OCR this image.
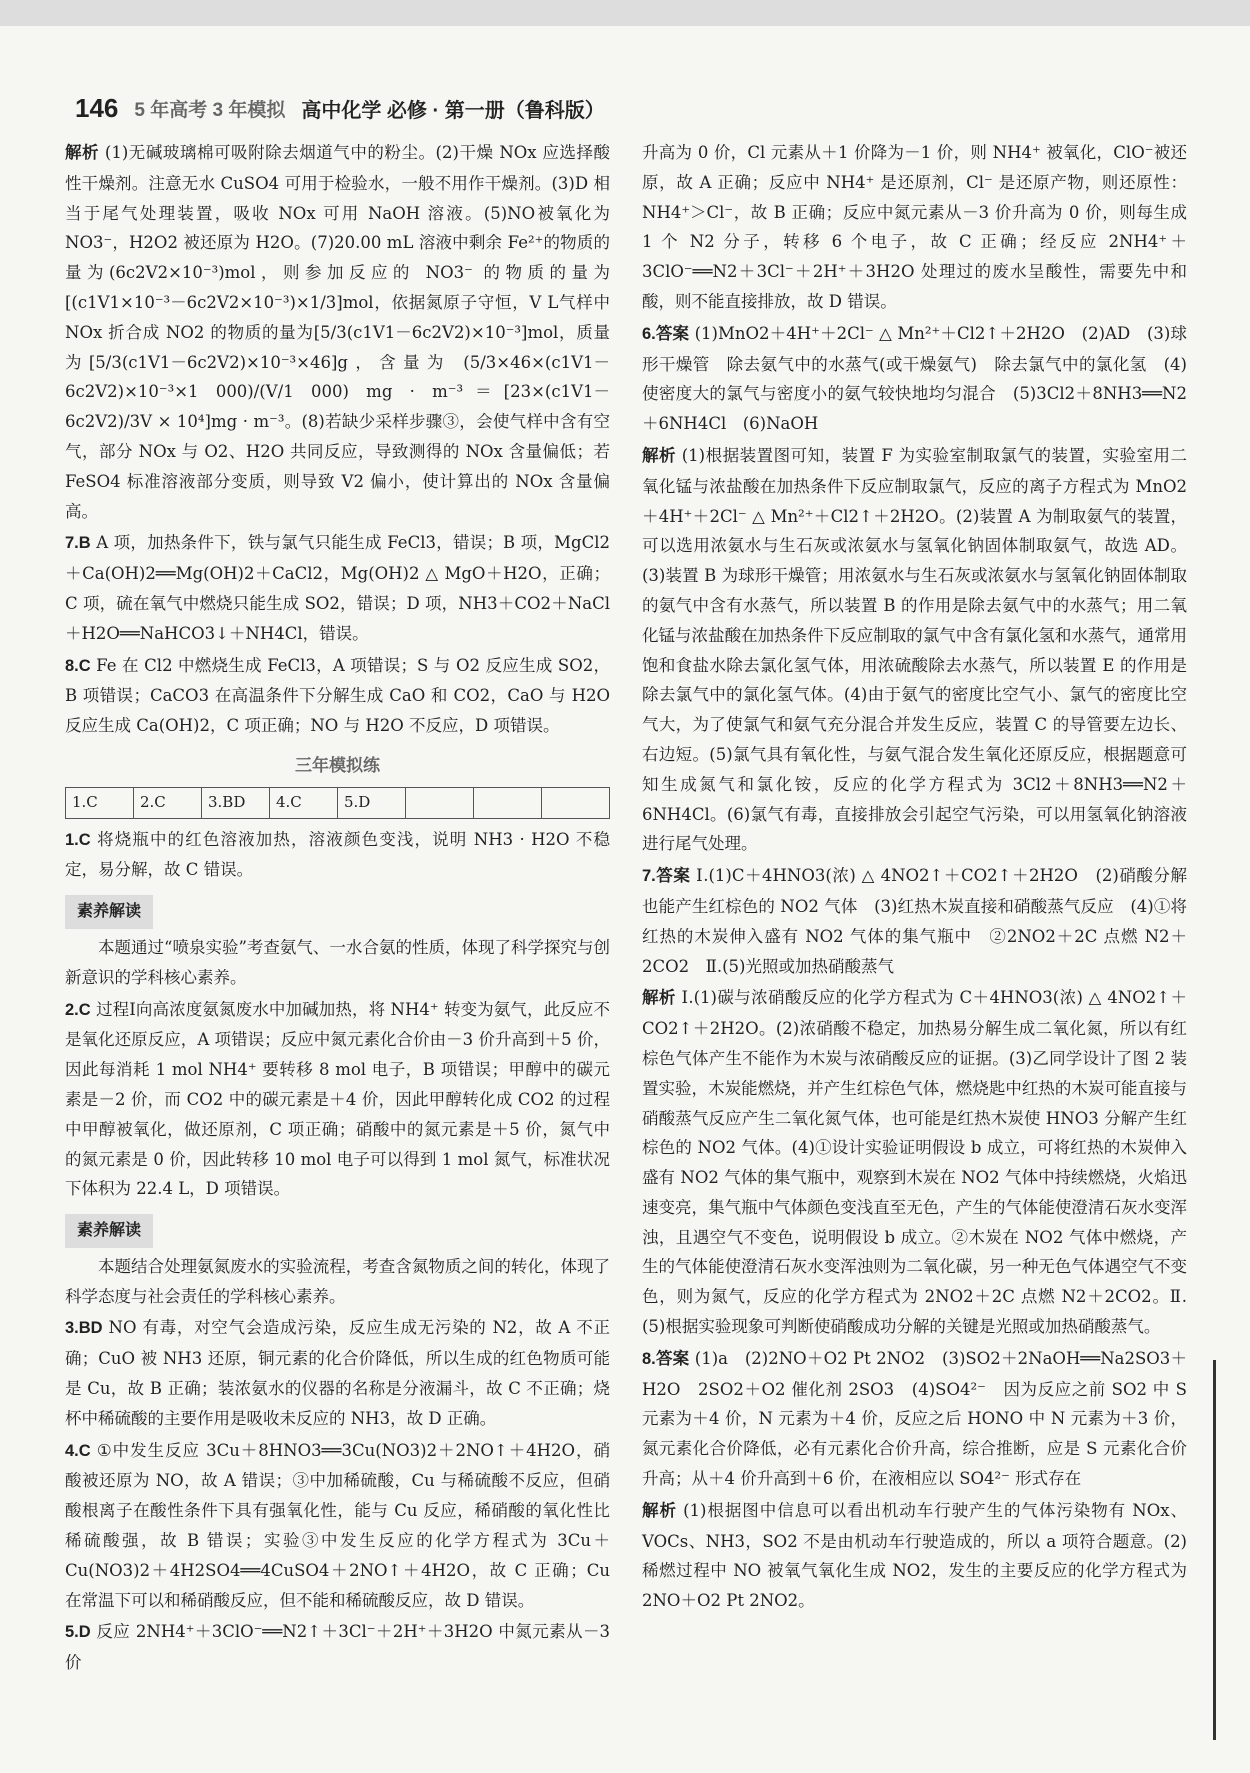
146 5 年高考 3 年模拟 高中化学 必修 · 第一册（鲁科版）

解析 (1)无碱玻璃棉可吸附除去烟道气中的粉尘。(2)干燥 NOx 应选择酸性干燥剂。注意无水 CuSO4 可用于检验水，一般不用作干燥剂。(3)D 相当于尾气处理装置，吸收 NOx 可用 NaOH 溶液。(5)NO被氧化为 NO3⁻，H2O2 被还原为 H2O。(7)20.00 mL 溶液中剩余 Fe²⁺的物质的量为(6c2V2×10⁻³)mol，则参加反应的 NO3⁻ 的物质的量为[(c1V1×10⁻³－6c2V2×10⁻³)×1/3]mol，依据氮原子守恒，V L气样中 NOx 折合成 NO2 的物质的量为[5/3(c1V1－6c2V2)×10⁻³]mol，质量为[5/3(c1V1－6c2V2)×10⁻³×46]g，含量为 (5/3×46×(c1V1－6c2V2)×10⁻³×1 000)/(V/1 000) mg · m⁻³＝[23×(c1V1－6c2V2)/3V × 10⁴]mg · m⁻³。(8)若缺少采样步骤③，会使气样中含有空气，部分 NOx 与 O2、H2O 共同反应，导致测得的 NOx 含量偏低；若 FeSO4 标准溶液部分变质，则导致 V2 偏小，使计算出的 NOx 含量偏高。

7.B A 项，加热条件下，铁与氯气只能生成 FeCl3，错误；B 项，MgCl2＋Ca(OH)2══Mg(OH)2＋CaCl2，Mg(OH)2 △ MgO＋H2O，正确；C 项，硫在氧气中燃烧只能生成 SO2，错误；D 项，NH3＋CO2＋NaCl＋H2O══NaHCO3↓＋NH4Cl，错误。

8.C Fe 在 Cl2 中燃烧生成 FeCl3，A 项错误；S 与 O2 反应生成 SO2，B 项错误；CaCO3 在高温条件下分解生成 CaO 和 CO2，CaO 与 H2O 反应生成 Ca(OH)2，C 项正确；NO 与 H2O 不反应，D 项错误。

三年模拟练
1.C	2.C	3.BD	4.C	5.D			

1.C 将烧瓶中的红色溶液加热，溶液颜色变浅，说明 NH3 · H2O 不稳定，易分解，故 C 错误。

素养解读

本题通过“喷泉实验”考查氨气、一水合氨的性质，体现了科学探究与创新意识的学科核心素养。

2.C 过程Ⅰ向高浓度氨氮废水中加碱加热，将 NH4⁺ 转变为氨气，此反应不是氧化还原反应，A 项错误；反应中氮元素化合价由－3 价升高到＋5 价，因此每消耗 1 mol NH4⁺ 要转移 8 mol 电子，B 项错误；甲醇中的碳元素是－2 价，而 CO2 中的碳元素是＋4 价，因此甲醇转化成 CO2 的过程中甲醇被氧化，做还原剂，C 项正确；硝酸中的氮元素是＋5 价，氮气中的氮元素是 0 价，因此转移 10 mol 电子可以得到 1 mol 氮气，标准状况下体积为 22.4 L，D 项错误。

素养解读

本题结合处理氨氮废水的实验流程，考查含氮物质之间的转化，体现了科学态度与社会责任的学科核心素养。

3.BD NO 有毒，对空气会造成污染，反应生成无污染的 N2，故 A 不正确；CuO 被 NH3 还原，铜元素的化合价降低，所以生成的红色物质可能是 Cu，故 B 正确；装浓氨水的仪器的名称是分液漏斗，故 C 不正确；烧杯中稀硫酸的主要作用是吸收未反应的 NH3，故 D 正确。

4.C ①中发生反应 3Cu＋8HNO3══3Cu(NO3)2＋2NO↑＋4H2O，硝酸被还原为 NO，故 A 错误；③中加稀硫酸，Cu 与稀硫酸不反应，但硝酸根离子在酸性条件下具有强氧化性，能与 Cu 反应，稀硝酸的氧化性比稀硫酸强，故 B 错误；实验③中发生反应的化学方程式为 3Cu＋Cu(NO3)2＋4H2SO4══4CuSO4＋2NO↑＋4H2O，故 C 正确；Cu 在常温下可以和稀硝酸反应，但不能和稀硫酸反应，故 D 错误。

5.D 反应 2NH4⁺＋3ClO⁻══N2↑＋3Cl⁻＋2H⁺＋3H2O 中氮元素从－3 价

升高为 0 价，Cl 元素从＋1 价降为－1 价，则 NH4⁺ 被氧化，ClO⁻被还原，故 A 正确；反应中 NH4⁺ 是还原剂，Cl⁻ 是还原产物，则还原性：NH4⁺＞Cl⁻，故 B 正确；反应中氮元素从－3 价升高为 0 价，则每生成 1 个 N2 分子，转移 6 个电子，故 C 正确；经反应 2NH4⁺＋3ClO⁻══N2＋3Cl⁻＋2H⁺＋3H2O 处理过的废水呈酸性，需要先中和酸，则不能直接排放，故 D 错误。

6.答案 (1)MnO2＋4H⁺＋2Cl⁻ △ Mn²⁺＋Cl2↑＋2H2O　(2)AD　(3)球形干燥管　除去氨气中的水蒸气(或干燥氨气)　除去氯气中的氯化氢　(4)使密度大的氯气与密度小的氨气较快地均匀混合　(5)3Cl2＋8NH3══N2＋6NH4Cl　(6)NaOH

解析 (1)根据装置图可知，装置 F 为实验室制取氯气的装置，实验室用二氧化锰与浓盐酸在加热条件下反应制取氯气，反应的离子方程式为 MnO2＋4H⁺＋2Cl⁻ △ Mn²⁺＋Cl2↑＋2H2O。(2)装置 A 为制取氨气的装置，可以选用浓氨水与生石灰或浓氨水与氢氧化钠固体制取氨气，故选 AD。(3)装置 B 为球形干燥管；用浓氨水与生石灰或浓氨水与氢氧化钠固体制取的氨气中含有水蒸气，所以装置 B 的作用是除去氨气中的水蒸气；用二氧化锰与浓盐酸在加热条件下反应制取的氯气中含有氯化氢和水蒸气，通常用饱和食盐水除去氯化氢气体，用浓硫酸除去水蒸气，所以装置 E 的作用是除去氯气中的氯化氢气体。(4)由于氨气的密度比空气小、氯气的密度比空气大，为了使氯气和氨气充分混合并发生反应，装置 C 的导管要左边长、右边短。(5)氯气具有氧化性，与氨气混合发生氧化还原反应，根据题意可知生成氮气和氯化铵，反应的化学方程式为 3Cl2＋8NH3══N2＋6NH4Cl。(6)氯气有毒，直接排放会引起空气污染，可以用氢氧化钠溶液进行尾气处理。

7.答案 Ⅰ.(1)C＋4HNO3(浓) △ 4NO2↑＋CO2↑＋2H2O　(2)硝酸分解也能产生红棕色的 NO2 气体　(3)红热木炭直接和硝酸蒸气反应　(4)①将红热的木炭伸入盛有 NO2 气体的集气瓶中　②2NO2＋2C 点燃 N2＋2CO2　Ⅱ.(5)光照或加热硝酸蒸气

解析 Ⅰ.(1)碳与浓硝酸反应的化学方程式为 C＋4HNO3(浓) △ 4NO2↑＋CO2↑＋2H2O。(2)浓硝酸不稳定，加热易分解生成二氧化氮，所以有红棕色气体产生不能作为木炭与浓硝酸反应的证据。(3)乙同学设计了图 2 装置实验，木炭能燃烧，并产生红棕色气体，燃烧匙中红热的木炭可能直接与硝酸蒸气反应产生二氧化氮气体，也可能是红热木炭使 HNO3 分解产生红棕色的 NO2 气体。(4)①设计实验证明假设 b 成立，可将红热的木炭伸入盛有 NO2 气体的集气瓶中，观察到木炭在 NO2 气体中持续燃烧，火焰迅速变亮，集气瓶中气体颜色变浅直至无色，产生的气体能使澄清石灰水变浑浊，且遇空气不变色，说明假设 b 成立。②木炭在 NO2 气体中燃烧，产生的气体能使澄清石灰水变浑浊则为二氧化碳，另一种无色气体遇空气不变色，则为氮气，反应的化学方程式为 2NO2＋2C 点燃 N2＋2CO2。Ⅱ.(5)根据实验现象可判断使硝酸成功分解的关键是光照或加热硝酸蒸气。

8.答案 (1)a　(2)2NO＋O2 Pt 2NO2　(3)SO2＋2NaOH══Na2SO3＋H2O　2SO2＋O2 催化剂 2SO3　(4)SO4²⁻　因为反应之前 SO2 中 S 元素为＋4 价，N 元素为＋4 价，反应之后 HONO 中 N 元素为＋3 价，氮元素化合价降低，必有元素化合价升高，综合推断，应是 S 元素化合价升高；从＋4 价升高到＋6 价，在液相应以 SO4²⁻ 形式存在

解析 (1)根据图中信息可以看出机动车行驶产生的气体污染物有 NOx、VOCs、NH3，SO2 不是由机动车行驶造成的，所以 a 项符合题意。(2)稀燃过程中 NO 被氧气氧化生成 NO2，发生的主要反应的化学方程式为 2NO＋O2 Pt 2NO2。
